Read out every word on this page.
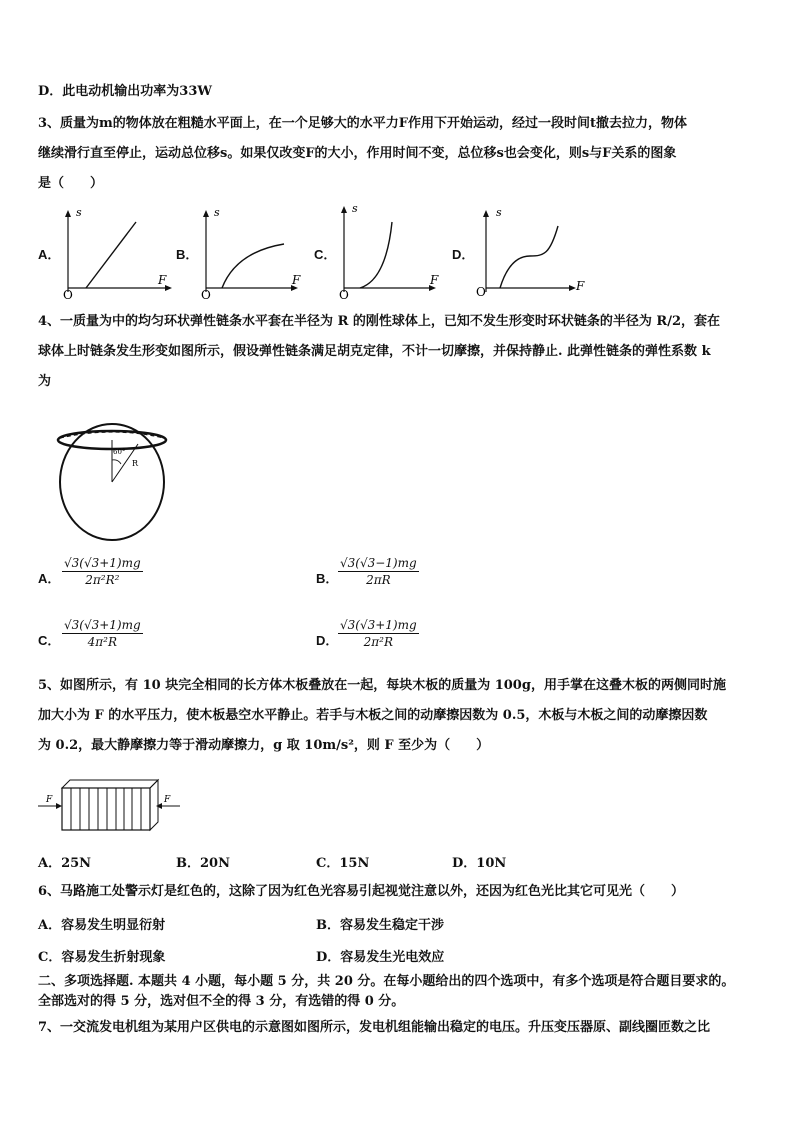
D．此电动机输出功率为33W
3、质量为m的物体放在粗糙水平面上，在一个足够大的水平力F作用下开始运动，经过一段时间t撤去拉力，物体
继续滑行直至停止，运动总位移s。如果仅改变F的大小，作用时间不变，总位移s也会变化，则s与F关系的图象
是（　　）
A．
s
F
O
B．
s
F
O
C．
s
F
O
D．
s
F
O
4、一质量为中的均匀环状弹性链条水平套在半径为 R 的刚性球体上，已知不发生形变时环状链条的半径为 R/2，套在
球体上时链条发生形变如图所示，假设弹性链条满足胡克定律，不计一切摩擦，并保持静止. 此弹性链条的弹性系数 k
为
60°
R
A． $\frac{√3(√3+1)mg}{\text{2π²R²}}$	B． $\frac{√3(√3-1)mg}{2\pi R}$
C． $\frac{√3(√3+1)mg}{\text{4π²R}}$	D． $\frac{√3(√3+1)mg}{\text{2π²R}}$
5、如图所示，有 10 块完全相同的长方体木板叠放在一起，每块木板的质量为 100g，用手掌在这叠木板的两侧同时施
加大小为 F 的水平压力，使木板悬空水平静止。若手与木板之间的动摩擦因数为 0.5，木板与木板之间的动摩擦因数
为 0.2，最大静摩擦力等于滑动摩擦力，g 取 10m/s²，则 F 至少为（　　）
F	F
A．25N	B．20N	C．15N	D．10N
6、马路施工处警示灯是红色的，这除了因为红色光容易引起视觉注意以外，还因为红色光比其它可见光（　　）
A．容易发生明显衍射	B．容易发生稳定干涉
C．容易发生折射现象	D．容易发生光电效应
二、多项选择题. 本题共 4 小题，每小题 5 分，共 20 分。在每小题给出的四个选项中，有多个选项是符合题目要求的。
全部选对的得 5 分，选对但不全的得 3 分，有选错的得 0 分。
7、一交流发电机组为某用户区供电的示意图如图所示，发电机组能输出稳定的电压。升压变压器原、副线圈匝数之比
